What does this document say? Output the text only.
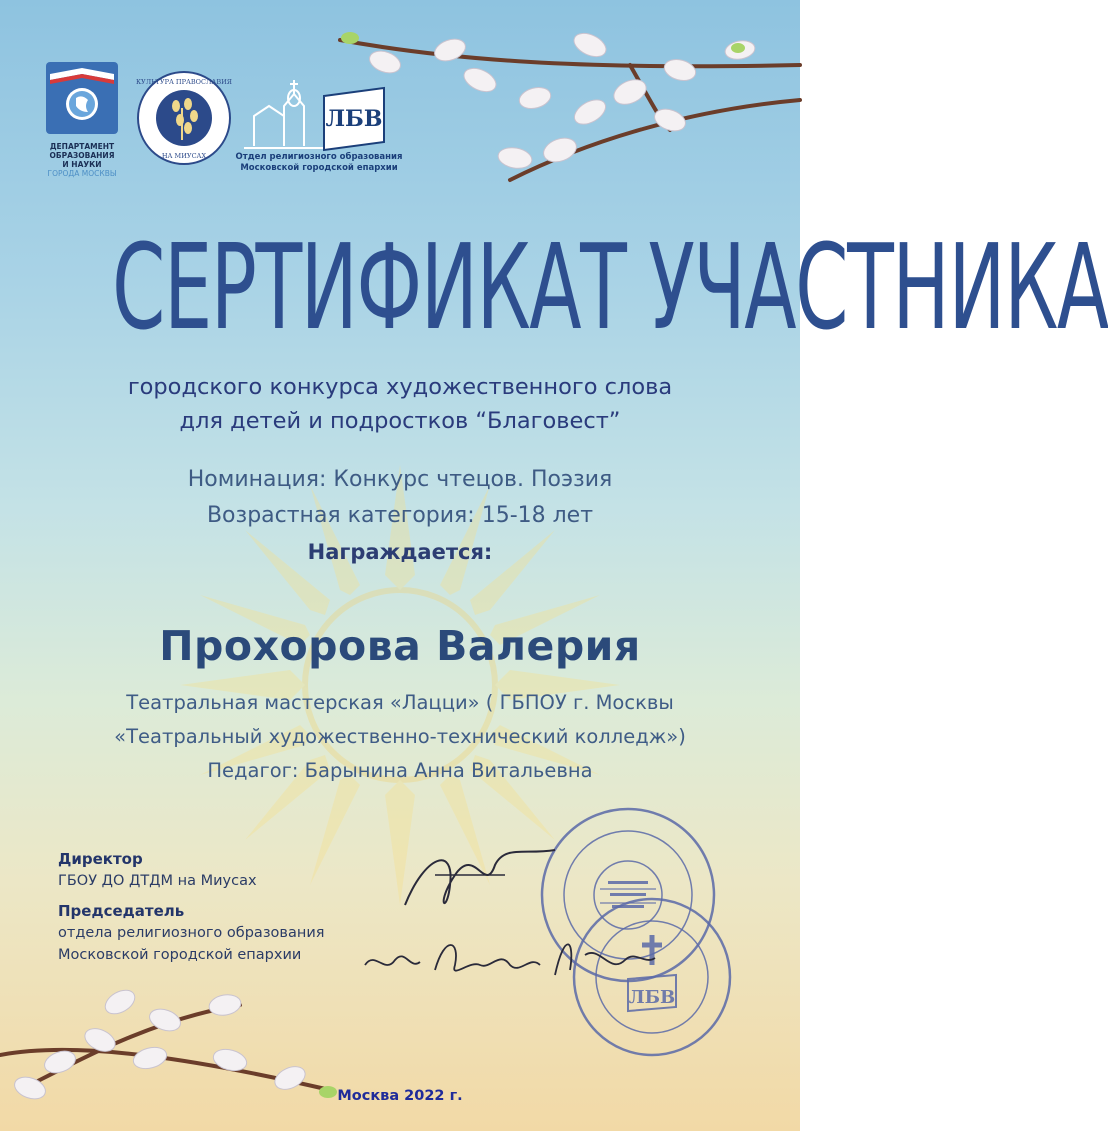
ДЕПАРТАМЕНТ
ОБРАЗОВАНИЯ
И НАУКИ
ГОРОДА МОСКВЫ
КУЛЬТУРА ПРАВОСЛАВИЯ
НА МИУСАХ
ЛБВ
Отдел религиозного образования
Московской городской епархии
СЕРТИФИКАТ УЧАСТНИКА
городского конкурса художественного слова
для детей и подростков “Благовест”
Номинация: Конкурс чтецов. Поэзия
Возрастная категория: 15-18 лет
Награждается:
Прохорова Валерия
Театральная мастерская «Лацци» ( ГБПОУ г. Москвы
«Театральный художественно-технический колледж»)
Педагог: Барынина Анна Витальевна
Директор
ГБОУ ДО ДТДМ на Миусах
Председатель
отдела религиозного образования
Московской городской епархии
ЛБВ
Москва 2022 г.
